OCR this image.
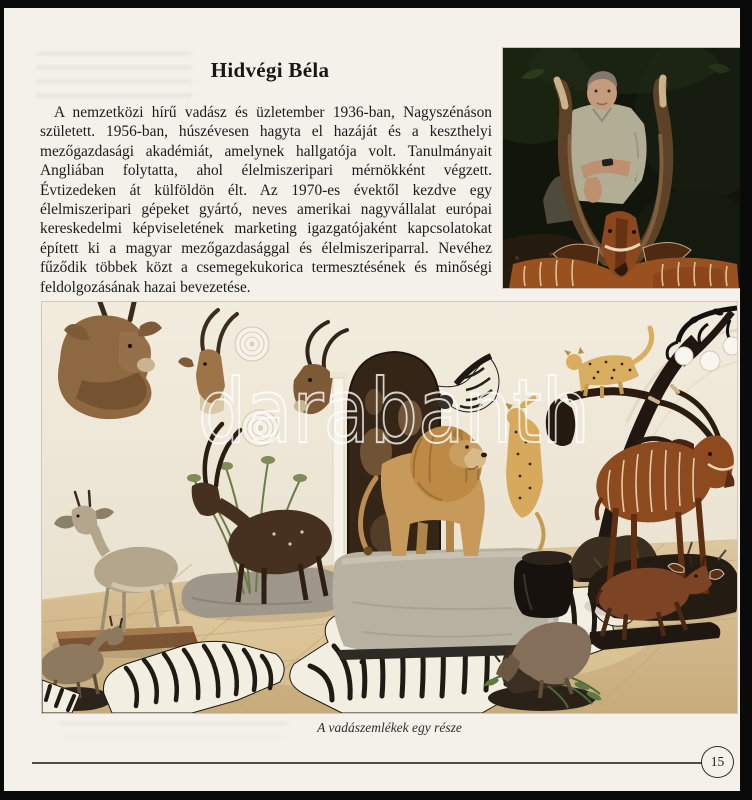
Hidvégi Béla

A nemzetközi hírű vadász és üzletember 1936-ban, Nagyszénáson született. 1956-ban, húszévesen hagyta el hazáját és a keszthelyi mezőgazdasági akadémiát, amelynek hallgatója volt. Tanulmányait Angliában folytatta, ahol élelmiszeripari mérnökként végzett. Évtizedeken át külföldön élt. Az 1970-es évektől kezdve egy élelmiszeripari gépeket gyártó, neves amerikai nagyvállalat európai kereskedelmi képviseletének marketing igazgatójaként kapcsolatokat épített ki a magyar mezőgazdasággal és élelmiszeriparral. Nevéhez fűződik többek közt a csemegekukorica termesztésének és minőségi feldolgozásának hazai bevezetése.

darabanth
A vadászemlékek egy része
15
